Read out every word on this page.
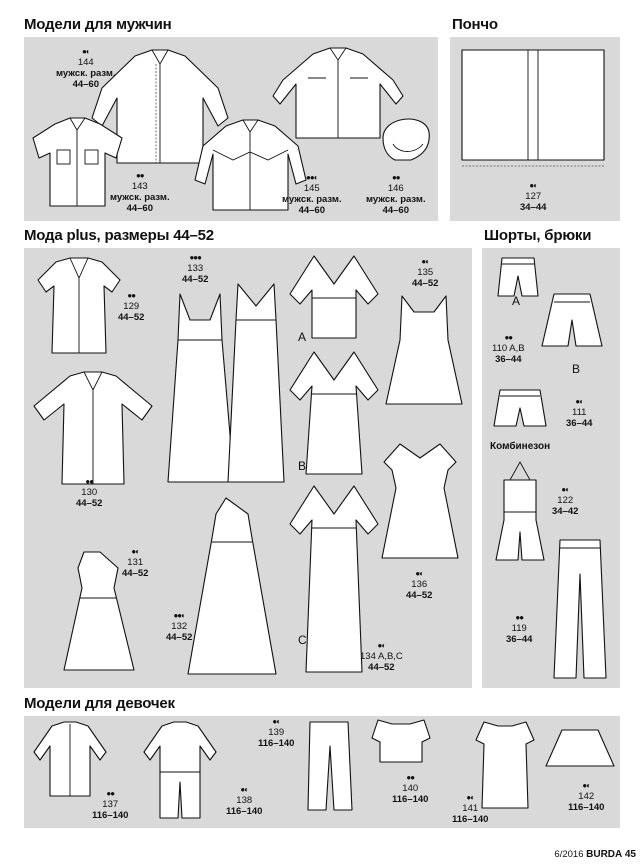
Модели для мужчин	Пончо
Мода plus, размеры 44–52	Шорты, брюки
Модели для девочек
●◐
144
мужск. разм.
44–60
●●
143
мужск. разм.
44–60
●●◐
145
мужск. разм.
44–60
●●
146
мужск. разм.
44–60
●◐
127
34–44
A
B
C
●●
129
44–52
●●●
133
44–52
●◐
135
44–52
●●
130
44–52
●◐
131
44–52
●●◐
132
44–52
●◐
136
44–52
●◐
134 A,B,C
44–52
A
B
●●
110 A,B
36–44
●◐
111
36–44
Комбинезон
●◐
122
34–42
●●
119
36–44
●●
137
116–140
●◐
138
116–140
●◐
139
116–140
●●
140
116–140	●◐
141
116–140
●◐
142
116–140
6/2016 BURDA 45
